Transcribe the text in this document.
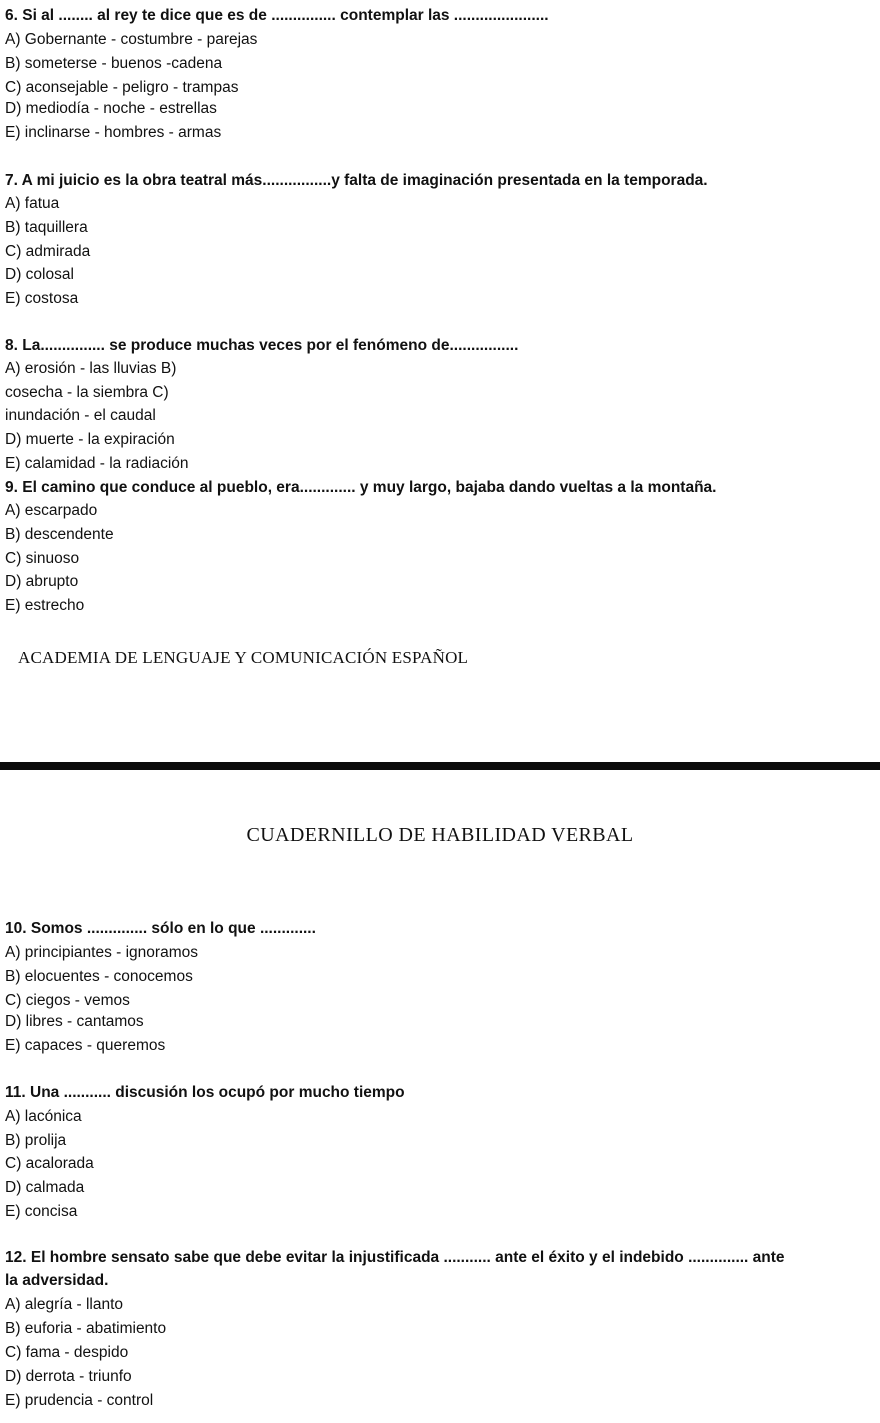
6. Si al ........ al rey te dice que es de ............... contemplar las ......................
A) Gobernante - costumbre - parejas
B) someterse - buenos -cadena
C) aconsejable - peligro - trampas
D) mediodía - noche - estrellas
E) inclinarse - hombres - armas
7. A mi juicio es la obra teatral más................y falta de imaginación presentada en la temporada.
A) fatua
B) taquillera
C) admirada
D) colosal
E) costosa
8. La............... se produce muchas veces por el fenómeno de................
A) erosión - las lluvias B)
cosecha - la siembra C)
inundación - el caudal
D) muerte - la expiración
E) calamidad - la radiación
9. El camino que conduce al pueblo, era............. y muy largo, bajaba dando vueltas a la montaña.
A) escarpado
B) descendente
C) sinuoso
D) abrupto
E) estrecho
ACADEMIA DE LENGUAJE Y COMUNICACIÓN ESPAÑOL
CUADERNILLO DE HABILIDAD VERBAL
10. Somos .............. sólo en lo que .............
A) principiantes - ignoramos
B) elocuentes - conocemos
C) ciegos - vemos
D) libres - cantamos
E) capaces - queremos
11. Una ........... discusión los ocupó por mucho tiempo
A) lacónica
B) prolija
C) acalorada
D) calmada
E) concisa
12. El hombre sensato sabe que debe evitar la injustificada ........... ante el éxito y el indebido .............. ante
la adversidad.
A) alegría - llanto
B) euforia - abatimiento
C) fama - despido
D) derrota - triunfo
E) prudencia - control
